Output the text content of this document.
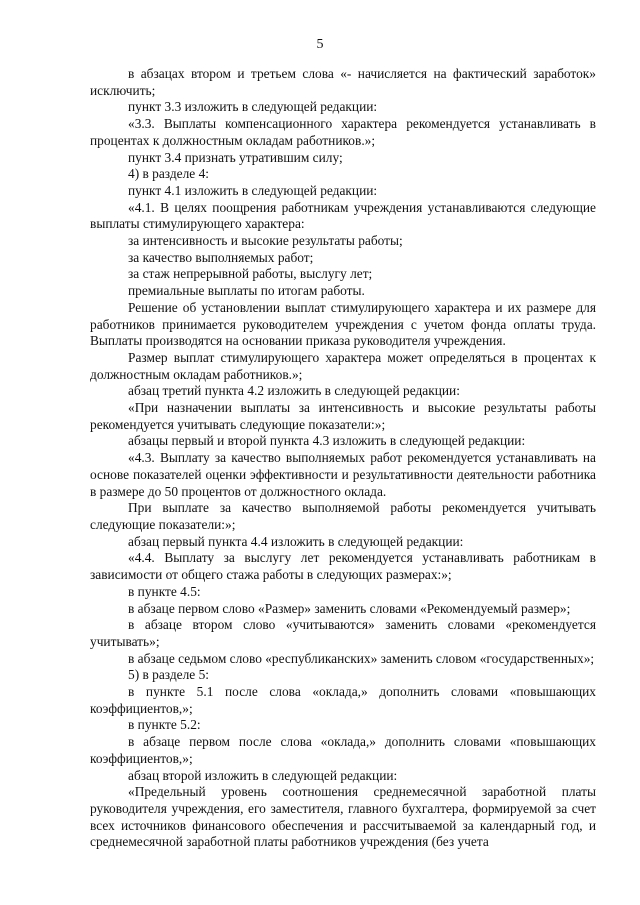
5

в абзацах втором и третьем слова «- начисляется на фактический заработок» исключить;

пункт 3.3 изложить в следующей редакции:

«3.3. Выплаты компенсационного характера рекомендуется устанавливать в процентах к должностным окладам работников.»;

пункт 3.4 признать утратившим силу;

4) в разделе 4:

пункт 4.1 изложить в следующей редакции:

«4.1. В целях поощрения работникам учреждения устанавливаются следующие выплаты стимулирующего характера:

за интенсивность и высокие результаты работы;

за качество выполняемых работ;

за стаж непрерывной работы, выслугу лет;

премиальные выплаты по итогам работы.

Решение об установлении выплат стимулирующего характера и их размере для работников принимается руководителем учреждения с учетом фонда оплаты труда. Выплаты производятся на основании приказа руководителя учреждения.

Размер выплат стимулирующего характера может определяться в процентах к должностным окладам работников.»;

абзац третий пункта 4.2 изложить в следующей редакции:

«При назначении выплаты за интенсивность и высокие результаты работы рекомендуется учитывать следующие показатели:»;

абзацы первый и второй пункта 4.3 изложить в следующей редакции:

«4.3. Выплату за качество выполняемых работ рекомендуется устанавливать на основе показателей оценки эффективности и результативности деятельности работника в размере до 50 процентов от должностного оклада.

При выплате за качество выполняемой работы рекомендуется учитывать следующие показатели:»;

абзац первый пункта 4.4 изложить в следующей редакции:

«4.4. Выплату за выслугу лет рекомендуется устанавливать работникам в зависимости от общего стажа работы в следующих размерах:»;

в пункте 4.5:

в абзаце первом слово «Размер» заменить словами «Рекомендуемый размер»;

в абзаце втором слово «учитываются» заменить словами «рекомендуется учитывать»;

в абзаце седьмом слово «республиканских» заменить словом «государственных»;

5) в разделе 5:

в пункте 5.1 после слова «оклада,» дополнить словами «повышающих коэффициентов,»;

в пункте 5.2:

в абзаце первом после слова «оклада,» дополнить словами «повышающих коэффициентов,»;

абзац второй изложить в следующей редакции:

«Предельный уровень соотношения среднемесячной заработной платы руководителя учреждения, его заместителя, главного бухгалтера, формируемой за счет всех источников финансового обеспечения и рассчитываемой за календарный год, и среднемесячной заработной платы работников учреждения (без учета
